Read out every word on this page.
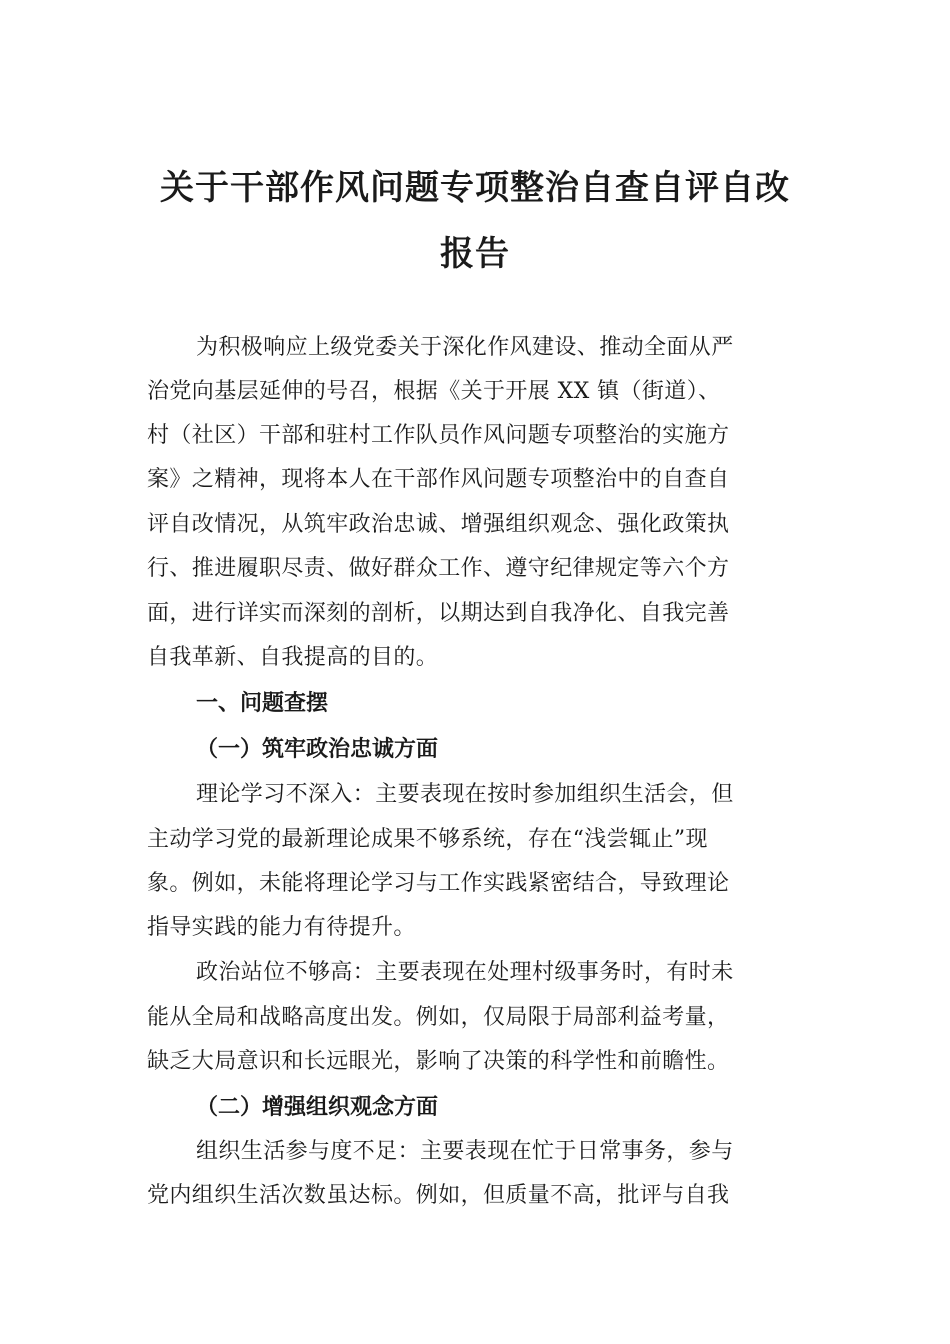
关于干部作风问题专项整治自查自评自改
报告

为积极响应上级党委关于深化作风建设、推动全面从严

治党向基层延伸的号召，根据《关于开展 XX 镇（街道）、

村（社区）干部和驻村工作队员作风问题专项整治的实施方

案》之精神，现将本人在干部作风问题专项整治中的自查自

评自改情况，从筑牢政治忠诚、增强组织观念、强化政策执

行、推进履职尽责、做好群众工作、遵守纪律规定等六个方

面，进行详实而深刻的剖析，以期达到自我净化、自我完善

自我革新、自我提高的目的。

一、问题查摆
（一）筑牢政治忠诚方面

理论学习不深入：主要表现在按时参加组织生活会，但

主动学习党的最新理论成果不够系统，存在“浅尝辄止”现

象。例如，未能将理论学习与工作实践紧密结合，导致理论

指导实践的能力有待提升。

政治站位不够高：主要表现在处理村级事务时，有时未

能从全局和战略高度出发。例如，仅局限于局部利益考量，

缺乏大局意识和长远眼光，影响了决策的科学性和前瞻性。

（二）增强组织观念方面

组织生活参与度不足：主要表现在忙于日常事务，参与

党内组织生活次数虽达标。例如，但质量不高，批评与自我
